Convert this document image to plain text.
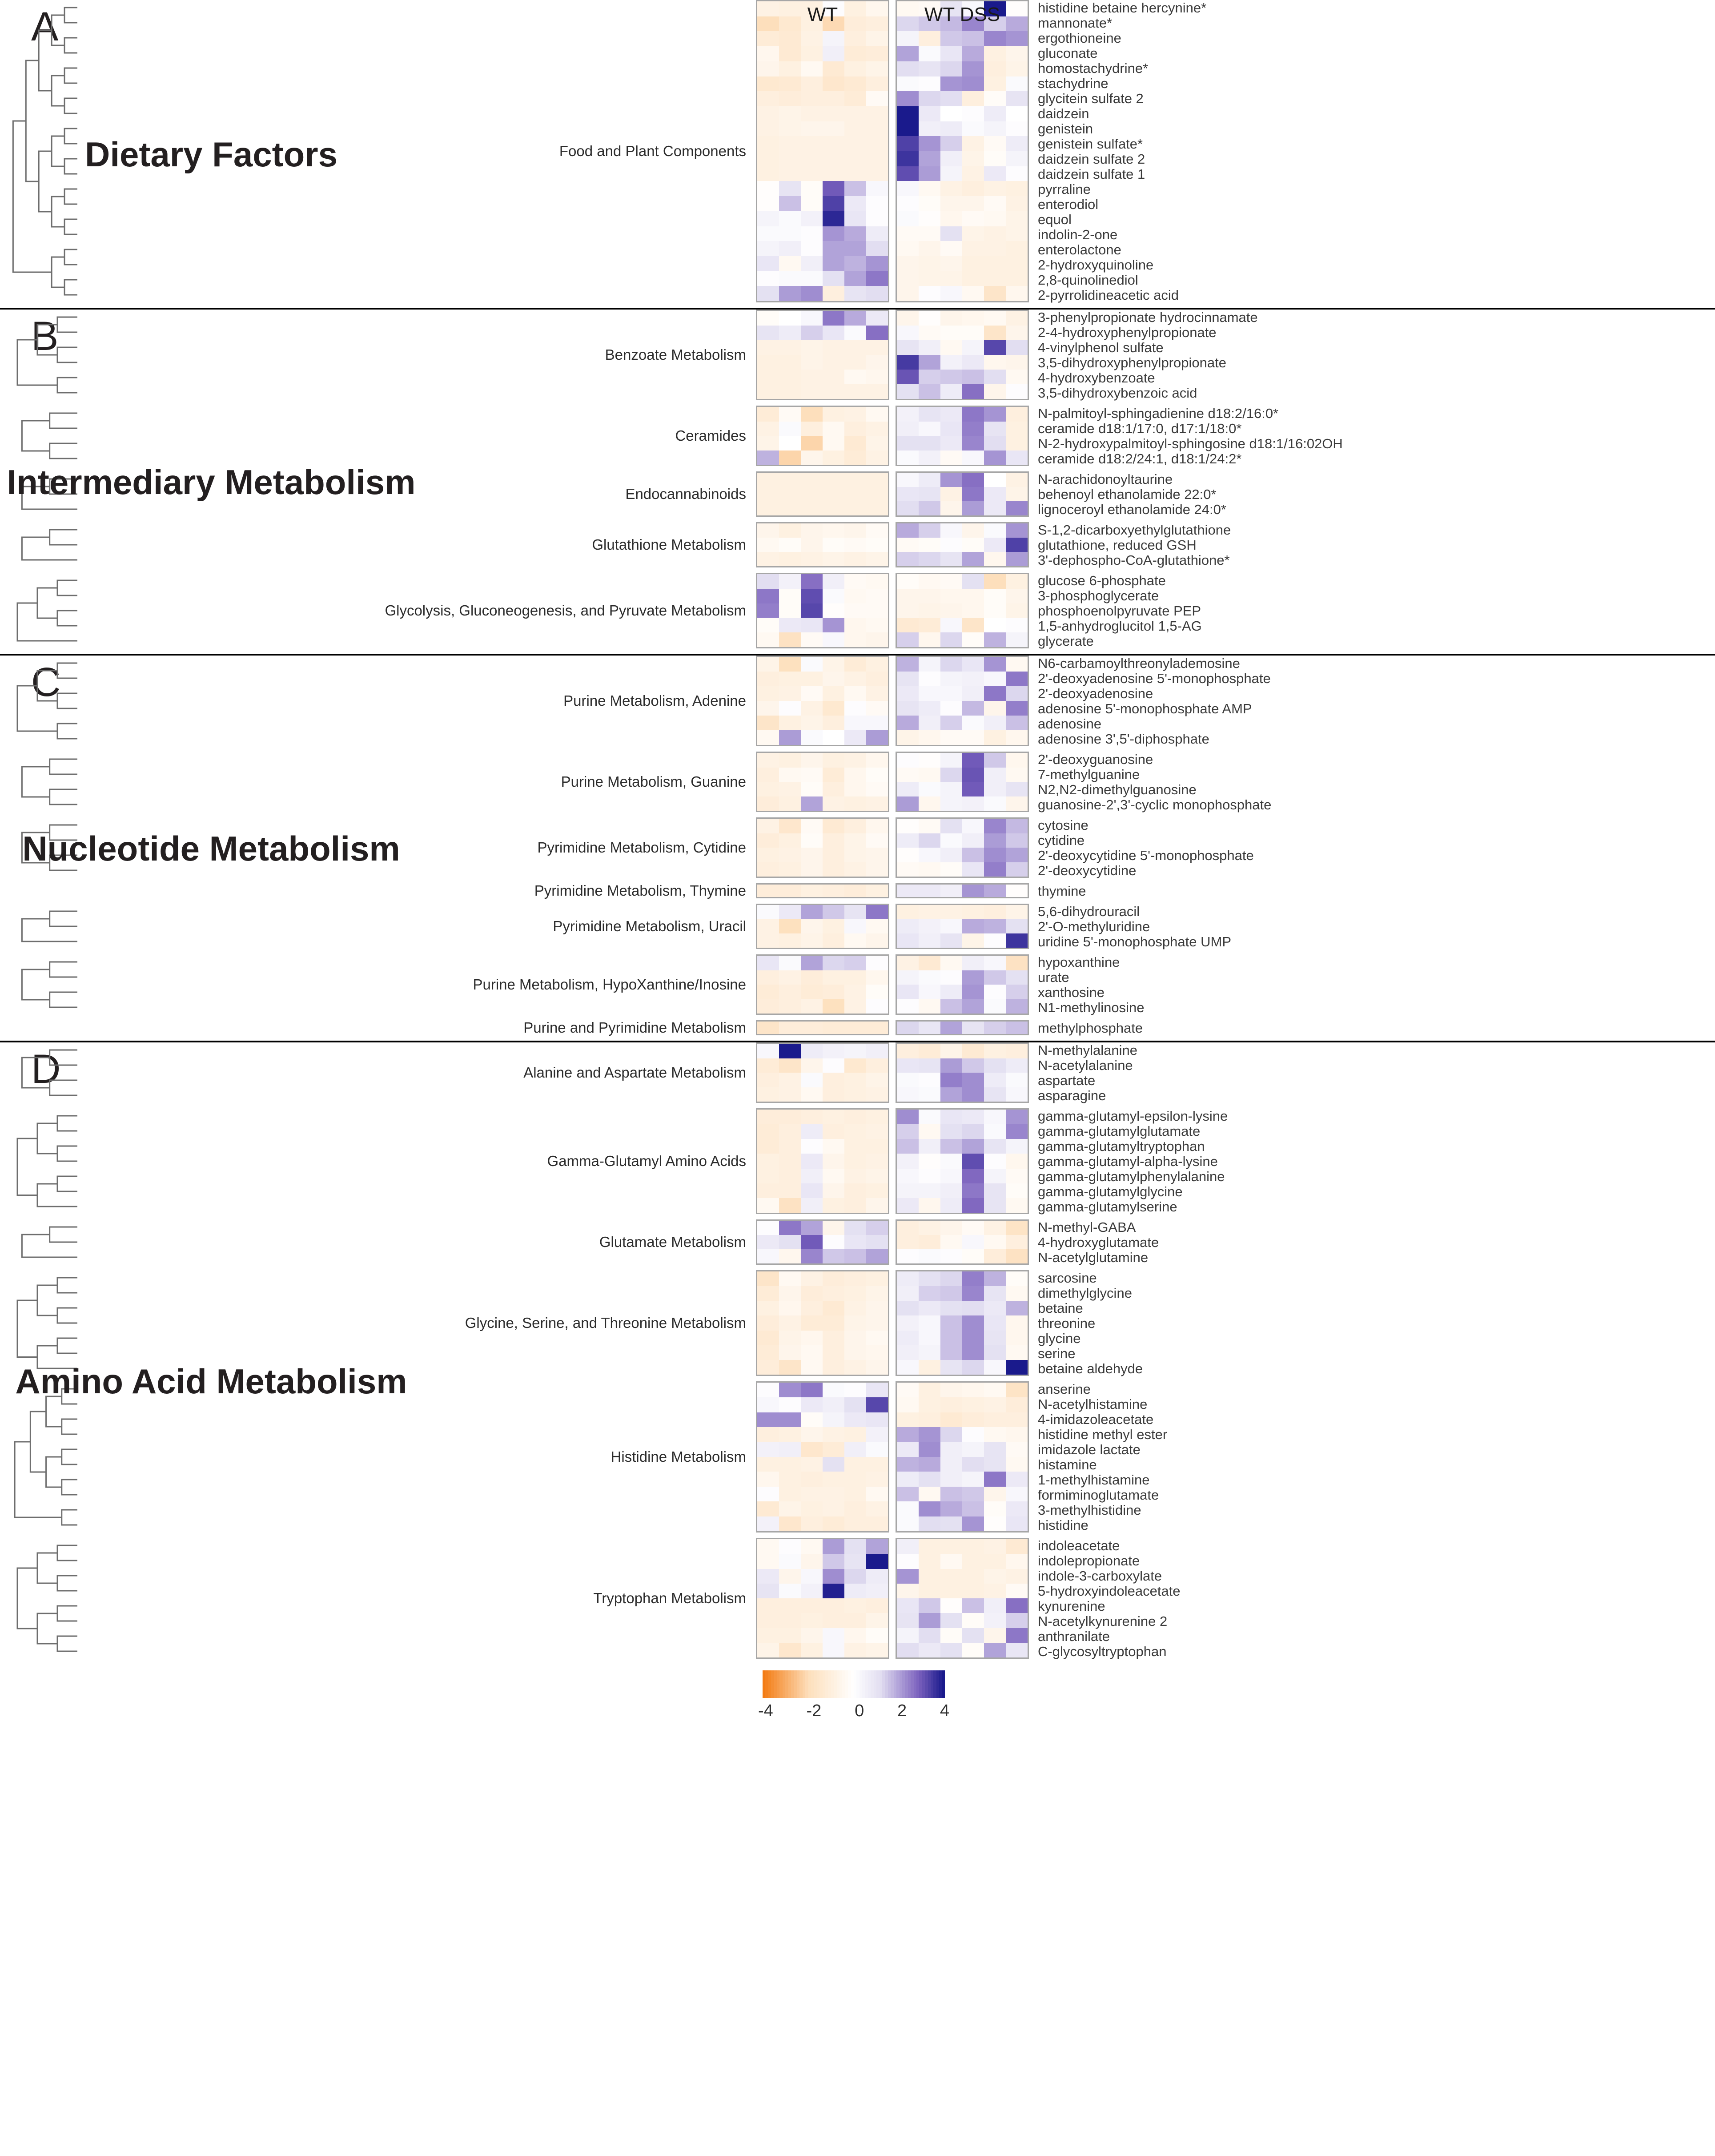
A
Food and Plant Components
histidine betaine hercynine*
mannonate*
ergothioneine
gluconate
homostachydrine*
stachydrine
glycitein sulfate 2
daidzein
genistein
genistein sulfate*
daidzein sulfate 2
daidzein sulfate 1
pyrraline
enterodiol
equol
indolin-2-one
enterolactone
2-hydroxyquinoline
2,8-quinolinediol
2-pyrrolidineacetic acid
Dietary Factors
WT	WT DSS
B	Benzoate Metabolism
3-phenylpropionate hydrocinnamate
2-4-hydroxyphenylpropionate
4-vinylphenol sulfate
3,5-dihydroxyphenylpropionate
4-hydroxybenzoate
3,5-dihydroxybenzoic acid
Ceramides
N-palmitoyl-sphingadienine d18:2/16:0*
ceramide d18:1/17:0, d17:1/18:0*
N-2-hydroxypalmitoyl-sphingosine d18:1/16:02OH
ceramide d18:2/24:1, d18:1/24:2*
Endocannabinoids
N-arachidonoyltaurine
behenoyl ethanolamide 22:0*
lignoceroyl ethanolamide 24:0*
Glutathione Metabolism
S-1,2-dicarboxyethylglutathione
glutathione, reduced GSH
3'-dephospho-CoA-glutathione*
Glycolysis, Gluconeogenesis, and Pyruvate Metabolism
glucose 6-phosphate
3-phosphoglycerate
phosphoenolpyruvate PEP
1,5-anhydroglucitol 1,5-AG
glycerate
Intermediary Metabolism
C	Purine Metabolism, Adenine
N6-carbamoylthreonylademosine
2'-deoxyadenosine 5'-monophosphate
2'-deoxyadenosine
adenosine 5'-monophosphate AMP
adenosine
adenosine 3',5'-diphosphate
Purine Metabolism, Guanine
2'-deoxyguanosine
7-methylguanine
N2,N2-dimethylguanosine
guanosine-2',3'-cyclic monophosphate
Pyrimidine Metabolism, Cytidine
cytosine
cytidine
2'-deoxycytidine 5'-monophosphate
2'-deoxycytidine
Pyrimidine Metabolism, Thymine	thymine
Pyrimidine Metabolism, Uracil
5,6-dihydrouracil
2'-O-methyluridine
uridine 5'-monophosphate UMP
Purine Metabolism, HypoXanthine/Inosine
hypoxanthine
urate
xanthosine
N1-methylinosine
Purine and Pyrimidine Metabolism	methylphosphate
Nucleotide Metabolism
D	Alanine and Aspartate Metabolism
N-methylalanine
N-acetylalanine
aspartate
asparagine
Gamma-Glutamyl Amino Acids
gamma-glutamyl-epsilon-lysine
gamma-glutamylglutamate
gamma-glutamyltryptophan
gamma-glutamyl-alpha-lysine
gamma-glutamylphenylalanine
gamma-glutamylglycine
gamma-glutamylserine
Glutamate Metabolism
N-methyl-GABA
4-hydroxyglutamate
N-acetylglutamine
Glycine, Serine, and Threonine Metabolism
sarcosine
dimethylglycine
betaine
threonine
glycine
serine
betaine aldehyde
Histidine Metabolism
anserine
N-acetylhistamine
4-imidazoleacetate
histidine methyl ester
imidazole lactate
histamine
1-methylhistamine
formiminoglutamate
3-methylhistidine
histidine
Tryptophan Metabolism
indoleacetate
indolepropionate
indole-3-carboxylate
5-hydroxyindoleacetate
kynurenine
N-acetylkynurenine 2
anthranilate
C-glycosyltryptophan
Amino Acid Metabolism
-4 -2 0 2 4
